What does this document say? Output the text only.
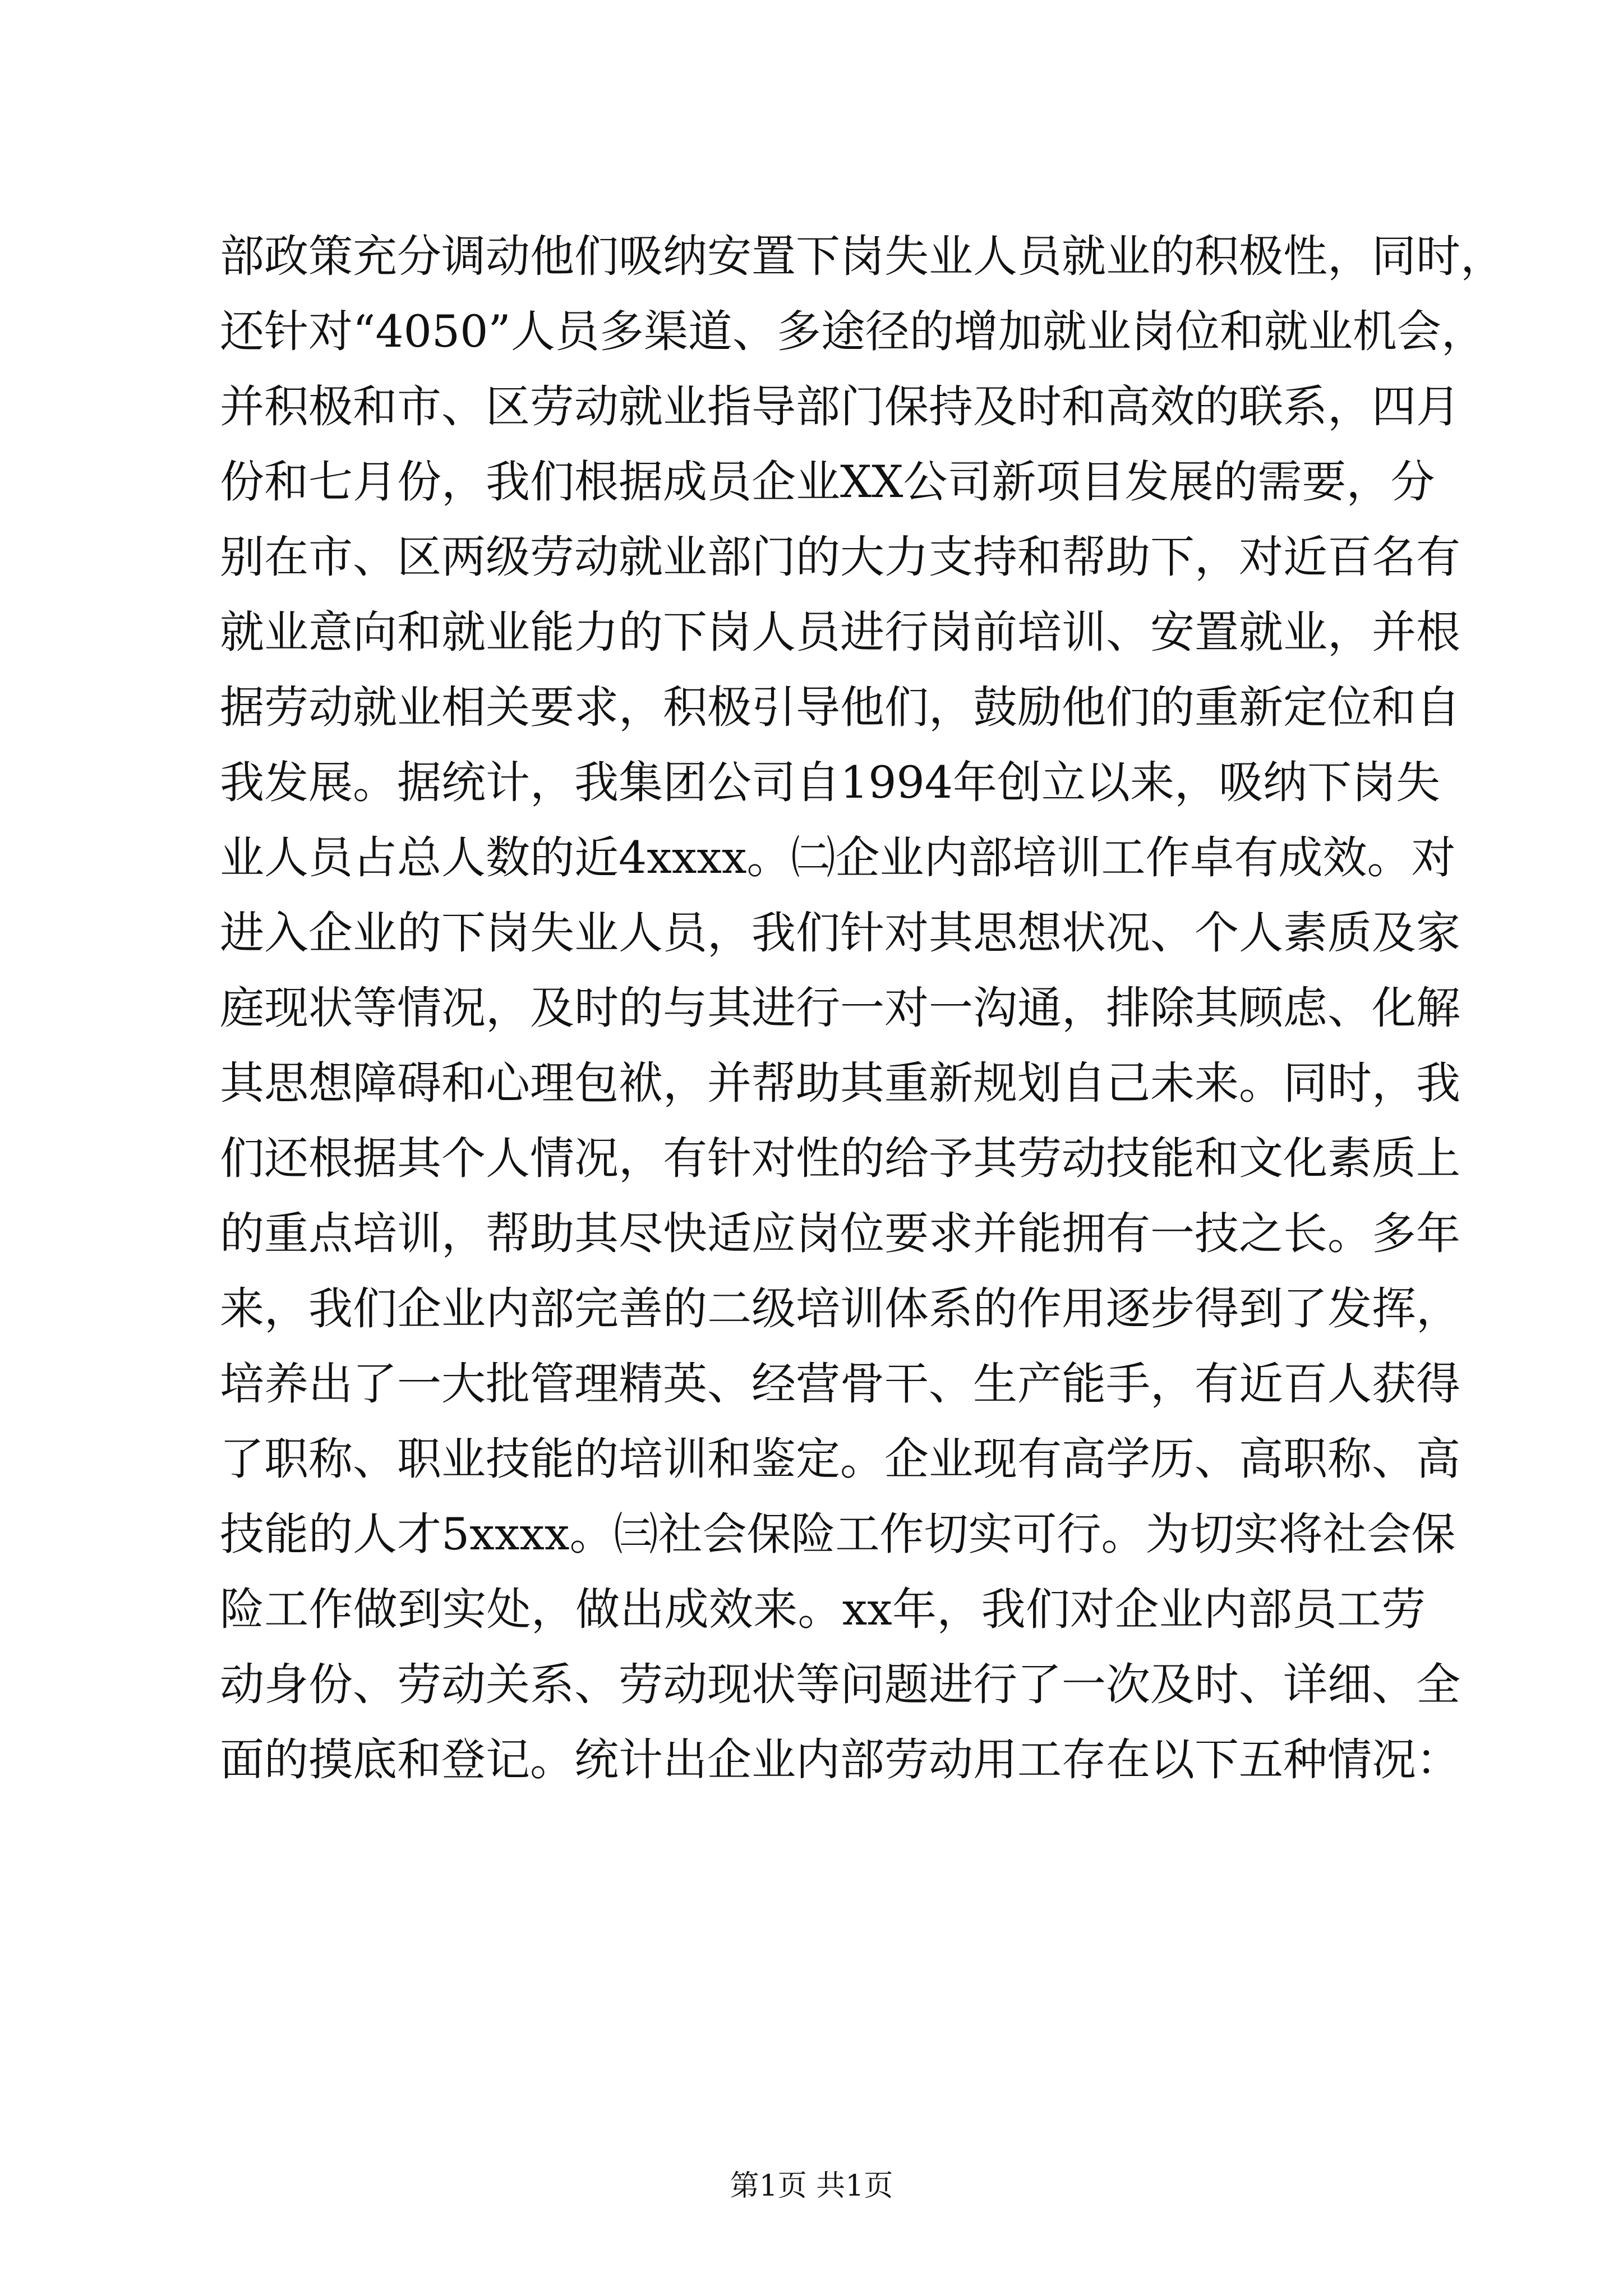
部政策充分调动他们吸纳安置下岗失业人员就业的积极性，同时，
还针对“4050”人员多渠道、多途径的增加就业岗位和就业机会，
并积极和市、区劳动就业指导部门保持及时和高效的联系，四月
份和七月份，我们根据成员企业XX公司新项目发展的需要，分
别在市、区两级劳动就业部门的大力支持和帮助下，对近百名有
就业意向和就业能力的下岗人员进行岗前培训、安置就业，并根
据劳动就业相关要求，积极引导他们，鼓励他们的重新定位和自
我发展。据统计，我集团公司自1994年创立以来，吸纳下岗失
业人员占总人数的近4xxxx。㈡企业内部培训工作卓有成效。对
进入企业的下岗失业人员，我们针对其思想状况、个人素质及家
庭现状等情况，及时的与其进行一对一沟通，排除其顾虑、化解
其思想障碍和心理包袱，并帮助其重新规划自己未来。同时，我
们还根据其个人情况，有针对性的给予其劳动技能和文化素质上
的重点培训，帮助其尽快适应岗位要求并能拥有一技之长。多年
来，我们企业内部完善的二级培训体系的作用逐步得到了发挥，
培养出了一大批管理精英、经营骨干、生产能手，有近百人获得
了职称、职业技能的培训和鉴定。企业现有高学历、高职称、高
技能的人才5xxxx。㈢社会保险工作切实可行。为切实将社会保
险工作做到实处，做出成效来。xx年，我们对企业内部员工劳
动身份、劳动关系、劳动现状等问题进行了一次及时、详细、全
面的摸底和登记。统计出企业内部劳动用工存在以下五种情况：
第1页 共1页
